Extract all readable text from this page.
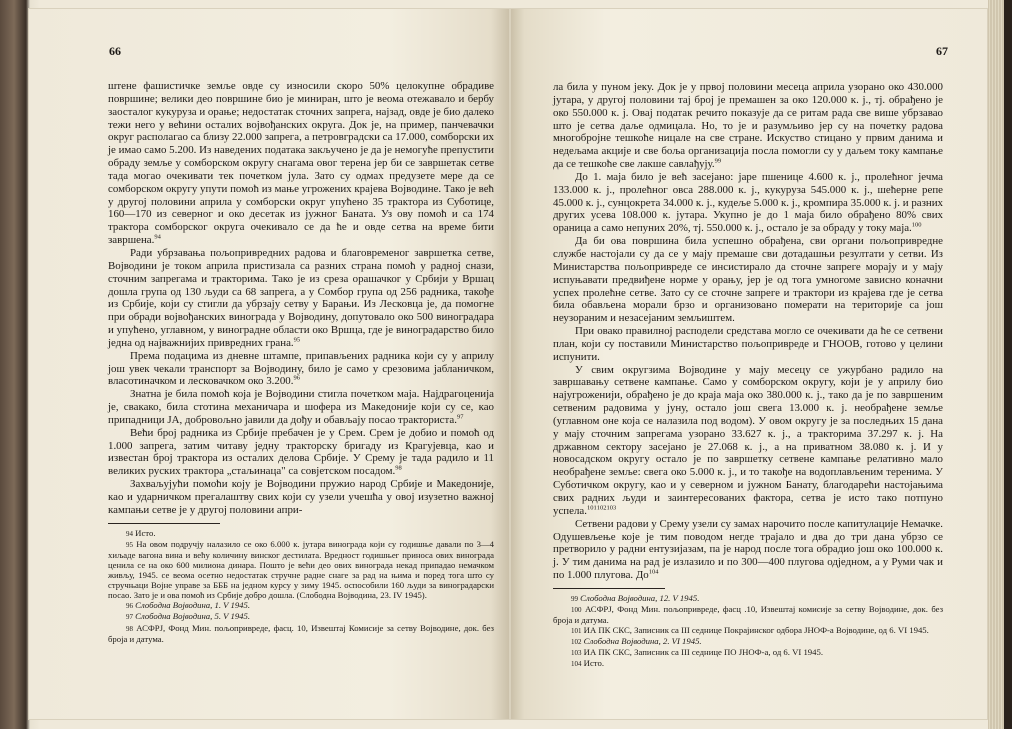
66

штене фашистичке земље овде су износили скоро 50% целокупне обрадиве површине; велики део површине био је миниран, што је веома отежавало и бербу заосталог кукуруза и орање; недостатак сточних запрега, најзад, овде је био далеко тежи него у већини осталих војвођанских округа. Док је, на пример, панчевачки округ располагао са близу 22.000 запрега, а петровградски са 17.000, сомборски их је имао само 5.200. Из наведених података закључено је да је немогуће препустити обраду земље у сомборском округу снагама овог терена јер би се завршетак сетве тада могао очекивати тек почетком јула. Зато су одмах предузете мере да се сомборском округу упути помоћ из мање угрожених крајева Војводине. Тако је већ у другој половини априла у сомборски округ упућено 35 трактора из Суботице, 160—170 из северног и око десетак из јужног Баната. Уз ову помоћ и са 174 трактора сомборског округа очекивало се да ће и овде сетва на време бити завршена.$^{94}$

Ради убрзавања пољопривредних радова и благовременог завршетка сетве, Војводини је током априла пристизала са разних страна помоћ у радној снази, сточним запрегама и тракторима. Тако је из среза орашачког у Србији у Вршац дошла група од 130 људи са 68 запрега, а у Сомбор група од 256 радника, такође из Србије, који су стигли да убрзају сетву у Барањи. Из Лесковца је, да помогне при обради војвођанских винограда у Војводину, допутовало око 500 виноградара и упућено, углавном, у виноградне области око Вршца, где је виноградарство било једна од најважнијих привредних грана.$^{95}$

Према подацима из дневне штампе, припављених радника који су у априлу још увек чекали транспорт за Војводину, било је само у срезовима јабланичком, власотиначком и лесковачком око 3.200.96

Знатна је била помоћ која је Војводини стигла почетком маја. Најдрагоценија је, свакако, била стотина механичара и шофера из Македоније који су се, као припадници ЈА, добровољно јавили да дођу и обављају посао тракториста.$^{97}$

Већи број радника из Србије пребачен је у Срем. Срем је добио и помоћ од 1.000 запрега, затим читаву једну тракторску бригаду из Крагујевца, као и известан број трактора из осталих делова Србије. У Срему је тада радило и 11 великих руских трактора „стаљинаца" са совјетском посадом.$^{98}$

Захваљујући помоћи коју је Војводини пружио народ Србије и Македоније, као и ударничком прегалаштву свих који су узели учешћа у овој изузетно важној кампањи сетве је у другој половини апри-

94 Исто.

95 На овом подручју налазило се око 6.000 к. јутара винограда који су годишње давали по 3—4 хиљаде вагона вина и већу количину винског дестилата. Вредност годишњег приноса ових винограда ценила се на око 600 милиона динара. Пошто је већи део ових винограда некад припадао немачком живљу, 1945. се веома осетно недостатак стручне радне снаге за рад на њима и поред тога што су стручњаци Војне управе за БББ на једном курсу у зиму 1945. оспособили 160 људи за виноградарски посао. Зато је и ова помоћ из Србије добро дошла. (Слободна Војводина, 23. IV 1945).

96 Слободна Војводина, 1. V 1945.

97 Слободна Војводина, 5. V 1945.

98 АСФРЈ, Фонд Мин. пољопривреде, фасц. 10, Извештај Комисије за сетву Војводине, док. без броја и датума.

67

ла била у пуном јеку. Док је у првој половини месеца априла узорано око 430.000 јутара, у другој половини тај број је премашен за око 120.000 к. ј., тј. обрађено је око 550.000 к. ј. Овај податак речито показује да се ритам рада све више убрзавао што је сетва даље одмицала. Но, то је и разумљиво јер су на почетку радова многобројне тешкоће ницале на све стране. Искуство стицано у првим данима и недељама акције и све боља организација посла помогли су у даљем току кампање да се тешкоће све лакше савлађују.$^{99}$

До 1. маја било је већ засејано: јаре пшенице 4.600 к. ј., пролећног јечма 133.000 к. ј., пролећног овса 288.000 к. ј., кукуруза 545.000 к. ј., шећерне репе 45.000 к. ј., сунцокрета 34.000 к. ј., кудеље 5.000 к. ј., кромпира 35.000 к. ј. и разних других усева 108.000 к. јутара. Укупно је до 1 маја било обрађено 80% свих ораница а само непуних 20%, тј. 550.000 к. ј., остало је за обраду у току маја.$^{100}$

Да би ова површина била успешно обрађена, сви органи пољопривредне службе настојали су да се у мају премаше сви дотадашњи резултати у сетви. Из Министарства пољопривреде се инсистирало да сточне запреге морају и у мају испуњавати предвиђене норме у орању, јер је од тога умногоме зависно коначни успех пролећне сетве. Зато су се сточне запреге и трактори из крајева где је сетва била обављена морали брзо и организовано померати на територије са још неузораним и незасејаним земљиштем.

При овако правилној расподели средстава могло се очекивати да ће се сетвени план, који су поставили Министарство пољопривреде и ГНООВ, готово у целини испунити.

У свим округзима Војводине у мају месецу се ужурбано радило на завршавању сетвене кампање. Само у сомборском округу, који је у априлу био најугроженији, обрађено је до краја маја око 380.000 к. ј., тако да је по завршеним сетвеним радовима у јуну, остало још свега 13.000 к. ј. необрађене земље (углавном оне која се налазила под водом). У овом округу је за последњих 15 дана у мају сточним запрегама узорано 33.627 к. ј., а тракторима 37.297 к. ј. На државном сектору засејано је 27.068 к. ј., а на приватном 38.080 к. ј. И у новосадском округу остало је по завршетку сетвене кампање релативно мало необрађене земље: свега око 5.000 к. ј., и то такође на водоплављеним теренима. У Суботичком округу, као и у северном и јужном Банату, благодарећи настојањима свих радних људи и заинтересованих фактора, сетва је исто тако потпуно успела.$^{101102103}$

Сетвени радови у Срему узели су замах нарочито после капитулације Немачке. Одушевљење које је тим поводом негде трајало и два до три дана убрзо се претворило у радни ентузијазам, па је народ после тога обрадио још око 100.000 к. ј. У тим данима на рад је излазило и по 300—400 плугова одједном, а у Руми чак и по 1.000 плугова. $До^{104}$

99 Слободна Војводина, 12. V 1945.

100 АСФРЈ, Фонд Мин. пољопривреде, фасц .10, Извештај комисије за сетву Војводине, док. без броја и датума.

101 ИА ПК СКС, Записник са III седнице Покрајинског одбора ЈНОФ-а Војводине, од 6. VI 1945.

102 Слободна Војводина, 2. VI 1945.

103 ИА ПК СКС, Записник са III седнице ПО ЈНОФ-а, од 6. VI 1945.

104 Исто.
